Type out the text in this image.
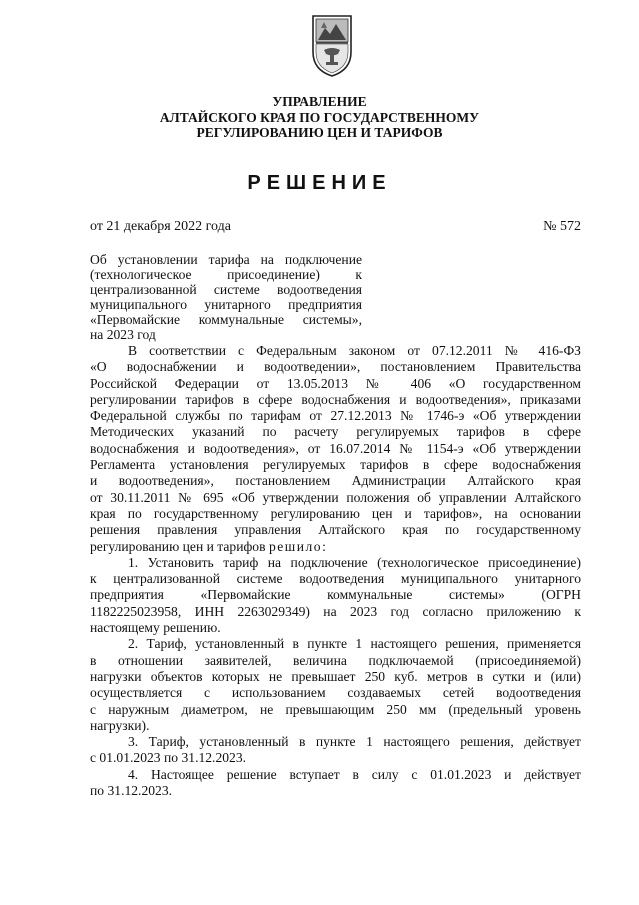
УПРАВЛЕНИЕ
АЛТАЙСКОГО КРАЯ ПО ГОСУДАРСТВЕННОМУ
РЕГУЛИРОВАНИЮ ЦЕН И ТАРИФОВ
РЕШЕНИЕ
от 21 декабря 2022 года	№ 572
Об установлении тарифа на подключение
(технологическое присоединение) к
централизованной системе водоотведения
муниципального унитарного предприятия
«Первомайские коммунальные системы»,
на 2023 год
В соответствии с Федеральным законом от 07.12.2011 № 416-ФЗ
«О водоснабжении и водоотведении», постановлением Правительства
Российской Федерации от 13.05.2013 № 406 «О государственном
регулировании тарифов в сфере водоснабжения и водоотведения», приказами
Федеральной службы по тарифам от 27.12.2013 № 1746-э «Об утверждении
Методических указаний по расчету регулируемых тарифов в сфере
водоснабжения и водоотведения», от 16.07.2014 № 1154-э «Об утверждении
Регламента установления регулируемых тарифов в сфере водоснабжения
и водоотведения», постановлением Администрации Алтайского края
от 30.11.2011 № 695 «Об утверждении положения об управлении Алтайского
края по государственному регулированию цен и тарифов», на основании
решения правления управления Алтайского края по государственному
регулированию цен и тарифов решило:
1. Установить тариф на подключение (технологическое присоединение)
к централизованной системе водоотведения муниципального унитарного
предприятия «Первомайские коммунальные системы» (ОГРН
1182225023958, ИНН 2263029349) на 2023 год согласно приложению к
настоящему решению.
2. Тариф, установленный в пункте 1 настоящего решения, применяется
в отношении заявителей, величина подключаемой (присоединяемой)
нагрузки объектов которых не превышает 250 куб. метров в сутки и (или)
осуществляется с использованием создаваемых сетей водоотведения
с наружным диаметром, не превышающим 250 мм (предельный уровень
нагрузки).
3. Тариф, установленный в пункте 1 настоящего решения, действует
с 01.01.2023 по 31.12.2023.
4. Настоящее решение вступает в силу с 01.01.2023 и действует
по 31.12.2023.
